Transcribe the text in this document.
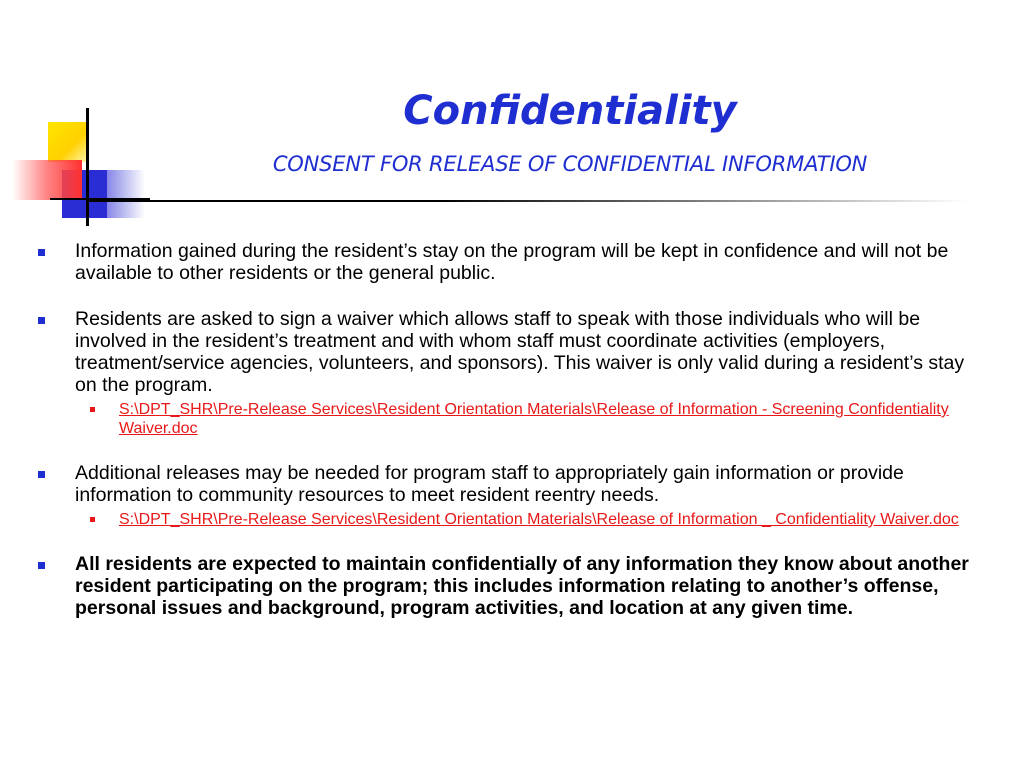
Confidentiality
CONSENT FOR RELEASE OF CONFIDENTIAL INFORMATION
Information gained during the resident’s stay on the program will be kept in confidence and will not be available to other residents or the general public.
Residents are asked to sign a waiver which allows staff to speak with those individuals who will be involved in the resident’s treatment and with whom staff must coordinate activities (employers, treatment/service agencies, volunteers, and sponsors). This waiver is only valid during a resident’s stay on the program.
S:\DPT_SHR\Pre-Release Services\Resident Orientation Materials\Release of Information - Screening Confidentiality Waiver.doc
Additional releases may be needed for program staff to appropriately gain information or provide information to community resources to meet resident reentry needs.
S:\DPT_SHR\Pre-Release Services\Resident Orientation Materials\Release of Information _ Confidentiality Waiver.doc
All residents are expected to maintain confidentially of any information they know about another resident participating on the program; this includes information relating to another’s offense, personal issues and background, program activities, and location at any given time.
